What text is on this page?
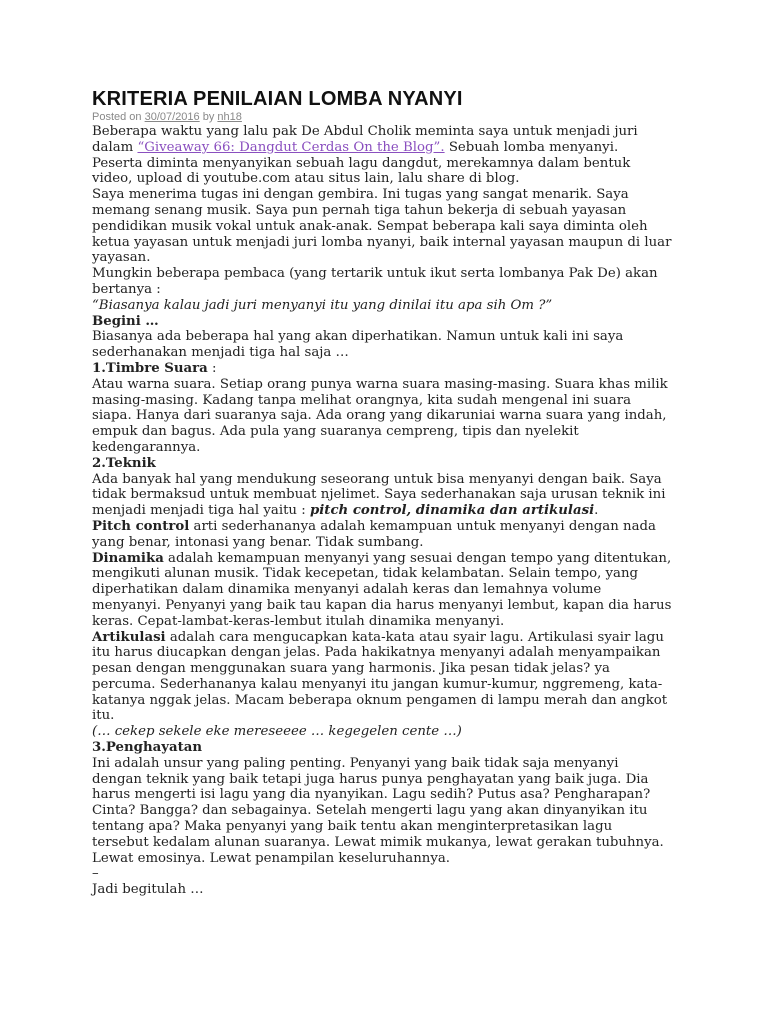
KRITERIA PENILAIAN LOMBA NYANYI
Posted on 30/07/2016 by nh18

Beberapa waktu yang lalu pak De Abdul Cholik meminta saya untuk menjadi juri dalam “Giveaway 66: Dangdut Cerdas On the Blog”. Sebuah lomba menyanyi. Peserta diminta menyanyikan sebuah lagu dangdut, merekamnya dalam bentuk video, upload di youtube.com atau situs lain, lalu share di blog.

Saya menerima tugas ini dengan gembira. Ini tugas yang sangat menarik. Saya memang senang musik. Saya pun pernah tiga tahun bekerja di sebuah yayasan pendidikan musik vokal untuk anak-anak. Sempat beberapa kali saya diminta oleh ketua yayasan untuk menjadi juri lomba nyanyi, baik internal yayasan maupun di luar yayasan.

Mungkin beberapa pembaca (yang tertarik untuk ikut serta lombanya Pak De) akan bertanya :

“Biasanya kalau jadi juri menyanyi itu yang dinilai itu apa sih Om ?”

Begini …

Biasanya ada beberapa hal yang akan diperhatikan. Namun untuk kali ini saya sederhanakan menjadi tiga hal saja …

1.Timbre Suara :

Atau warna suara. Setiap orang punya warna suara masing-masing. Suara khas milik masing-masing. Kadang tanpa melihat orangnya, kita sudah mengenal ini suara siapa. Hanya dari suaranya saja. Ada orang yang dikaruniai warna suara yang indah, empuk dan bagus. Ada pula yang suaranya cempreng, tipis dan nyelekit kedengarannya.

2.Teknik

Ada banyak hal yang mendukung seseorang untuk bisa menyanyi dengan baik. Saya tidak bermaksud untuk membuat njelimet. Saya sederhanakan saja urusan teknik ini menjadi menjadi tiga hal yaitu : pitch control, dinamika dan artikulasi.

Pitch control arti sederhananya adalah kemampuan untuk menyanyi dengan nada yang benar, intonasi yang benar. Tidak sumbang.

Dinamika adalah kemampuan menyanyi yang sesuai dengan tempo yang ditentukan, mengikuti alunan musik. Tidak kecepetan, tidak kelambatan. Selain tempo, yang diperhatikan dalam dinamika menyanyi adalah keras dan lemahnya volume menyanyi. Penyanyi yang baik tau kapan dia harus menyanyi lembut, kapan dia harus keras. Cepat-lambat-keras-lembut itulah dinamika menyanyi.

Artikulasi adalah cara mengucapkan kata-kata atau syair lagu. Artikulasi syair lagu itu harus diucapkan dengan jelas. Pada hakikatnya menyanyi adalah menyampaikan pesan dengan menggunakan suara yang harmonis. Jika pesan tidak jelas? ya percuma. Sederhananya kalau menyanyi itu jangan kumur-kumur, nggremeng, kata-katanya nggak jelas. Macam beberapa oknum pengamen di lampu merah dan angkot itu.

(… cekep sekele eke mereseeee … kegegelen cente …)

3.Penghayatan

Ini adalah unsur yang paling penting. Penyanyi yang baik tidak saja menyanyi dengan teknik yang baik tetapi juga harus punya penghayatan yang baik juga. Dia harus mengerti isi lagu yang dia nyanyikan. Lagu sedih? Putus asa? Pengharapan? Cinta? Bangga? dan sebagainya. Setelah mengerti lagu yang akan dinyanyikan itu tentang apa? Maka penyanyi yang baik tentu akan menginterpretasikan lagu tersebut kedalam alunan suaranya. Lewat mimik mukanya, lewat gerakan tubuhnya. Lewat emosinya. Lewat penampilan keseluruhannya.

–

Jadi begitulah …
